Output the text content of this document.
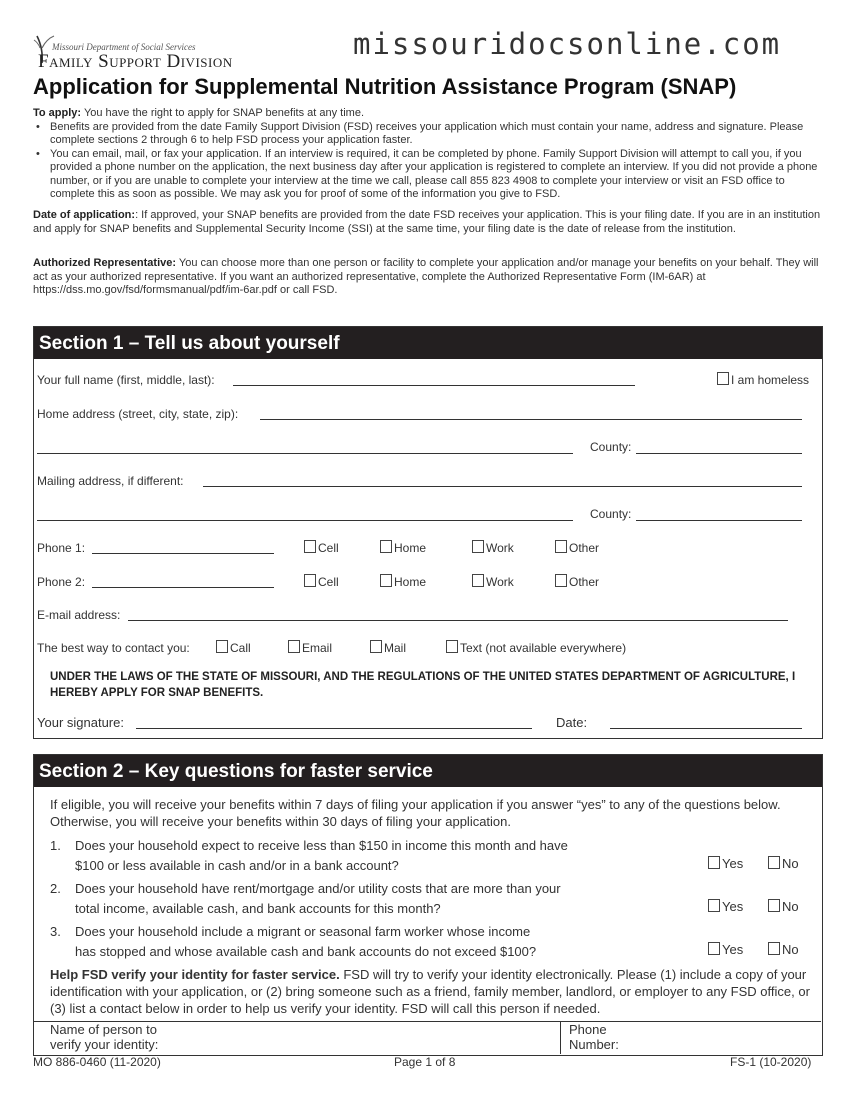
Missouri Department of Social Services
Family Support Division
missouridocsonline.com
Application for Supplemental Nutrition Assistance Program (SNAP)
To apply: You have the right to apply for SNAP benefits at any time.
• Benefits are provided from the date Family Support Division (FSD) receives your application which must contain your name, address and signature. Please complete sections 2 through 6 to help FSD process your application faster.
• You can email, mail, or fax your application. If an interview is required, it can be completed by phone. Family Support Division will attempt to call you, if you provided a phone number on the application, the next business day after your application is registered to complete an interview. If you did not provide a phone number, or if you are unable to complete your interview at the time we call, please call 855 823 4908 to complete your interview or visit an FSD office to complete this as soon as possible. We may ask you for proof of some of the information you give to FSD.
Date of application:: If approved, your SNAP benefits are provided from the date FSD receives your application. This is your filing date. If you are in an institution and apply for SNAP benefits and Supplemental Security Income (SSI) at the same time, your filing date is the date of release from the institution.
Authorized Representative: You can choose more than one person or facility to complete your application and/or manage your benefits on your behalf. They will act as your authorized representative. If you want an authorized representative, complete the Authorized Representative Form (IM-6AR) at https://dss.mo.gov/fsd/formsmanual/pdf/im-6ar.pdf or call FSD.
Section 1 – Tell us about yourself
Your full name (first, middle, last):	I am homeless
Home address (street, city, state, zip):
County:
Mailing address, if different:
County:
Phone 1:	Cell	Home	Work	Other
Phone 2:	Cell	Home	Work	Other
E-mail address:
The best way to contact you:	Call	Email	Mail	Text (not available everywhere)
UNDER THE LAWS OF THE STATE OF MISSOURI, AND THE REGULATIONS OF THE UNITED STATES DEPARTMENT OF AGRICULTURE, I HEREBY APPLY FOR SNAP BENEFITS.
Your signature:	Date:
Section 2 – Key questions for faster service
If eligible, you will receive your benefits within 7 days of filing your application if you answer “yes” to any of the questions below. Otherwise, you will receive your benefits within 30 days of filing your application.
1. Does your household expect to receive less than $150 in income this month and have
$100 or less available in cash and/or in a bank account?	Yes	No
2. Does your household have rent/mortgage and/or utility costs that are more than your
total income, available cash, and bank accounts for this month?	Yes	No
3. Does your household include a migrant or seasonal farm worker whose income
has stopped and whose available cash and bank accounts do not exceed $100?	Yes	No
Help FSD verify your identity for faster service. FSD will try to verify your identity electronically. Please (1) include a copy of your identification with your application, or (2) bring someone such as a friend, family member, landlord, or employer to any FSD office, or (3) list a contact below in order to help us verify your identity. FSD will call this person if needed.
Name of person to
verify your identity:
Phone
Number:
MO 886-0460 (11-2020)	Page 1 of 8	FS-1 (10-2020)
